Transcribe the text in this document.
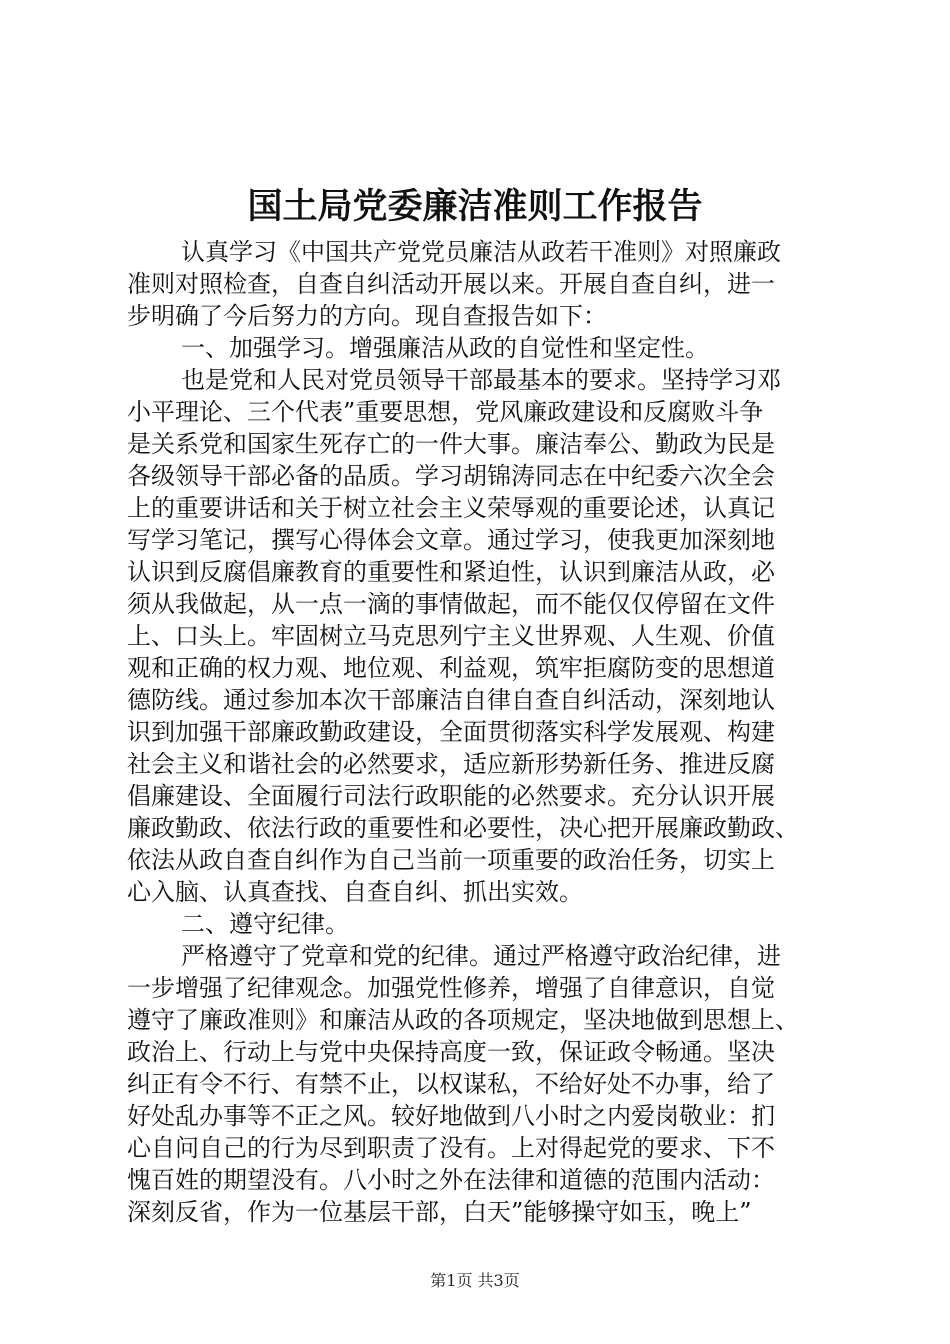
国土局党委廉洁准则工作报告
认真学习《中国共产党党员廉洁从政若干准则》对照廉政
准则对照检查，自查自纠活动开展以来。开展自查自纠，进一
步明确了今后努力的方向。现自查报告如下：
一、加强学习。增强廉洁从政的自觉性和坚定性。
也是党和人民对党员领导干部最基本的要求。坚持学习邓
小平理论、三个代表”重要思想，党风廉政建设和反腐败斗争
是关系党和国家生死存亡的一件大事。廉洁奉公、勤政为民是
各级领导干部必备的品质。学习胡锦涛同志在中纪委六次全会
上的重要讲话和关于树立社会主义荣辱观的重要论述，认真记
写学习笔记，撰写心得体会文章。通过学习，使我更加深刻地
认识到反腐倡廉教育的重要性和紧迫性，认识到廉洁从政，必
须从我做起，从一点一滴的事情做起，而不能仅仅停留在文件
上、口头上。牢固树立马克思列宁主义世界观、人生观、价值
观和正确的权力观、地位观、利益观，筑牢拒腐防变的思想道
德防线。通过参加本次干部廉洁自律自查自纠活动，深刻地认
识到加强干部廉政勤政建设，全面贯彻落实科学发展观、构建
社会主义和谐社会的必然要求，适应新形势新任务、推进反腐
倡廉建设、全面履行司法行政职能的必然要求。充分认识开展
廉政勤政、依法行政的重要性和必要性，决心把开展廉政勤政、
依法从政自查自纠作为自己当前一项重要的政治任务，切实上
心入脑、认真查找、自查自纠、抓出实效。
二、遵守纪律。
严格遵守了党章和党的纪律。通过严格遵守政治纪律，进
一步增强了纪律观念。加强党性修养，增强了自律意识，自觉
遵守了廉政准则》和廉洁从政的各项规定，坚决地做到思想上、
政治上、行动上与党中央保持高度一致，保证政令畅通。坚决
纠正有令不行、有禁不止，以权谋私，不给好处不办事，给了
好处乱办事等不正之风。较好地做到八小时之内爱岗敬业：扪
心自问自己的行为尽到职责了没有。上对得起党的要求、下不
愧百姓的期望没有。八小时之外在法律和道德的范围内活动：
深刻反省，作为一位基层干部，白天”能够操守如玉，晚上”
第1页 共3页
